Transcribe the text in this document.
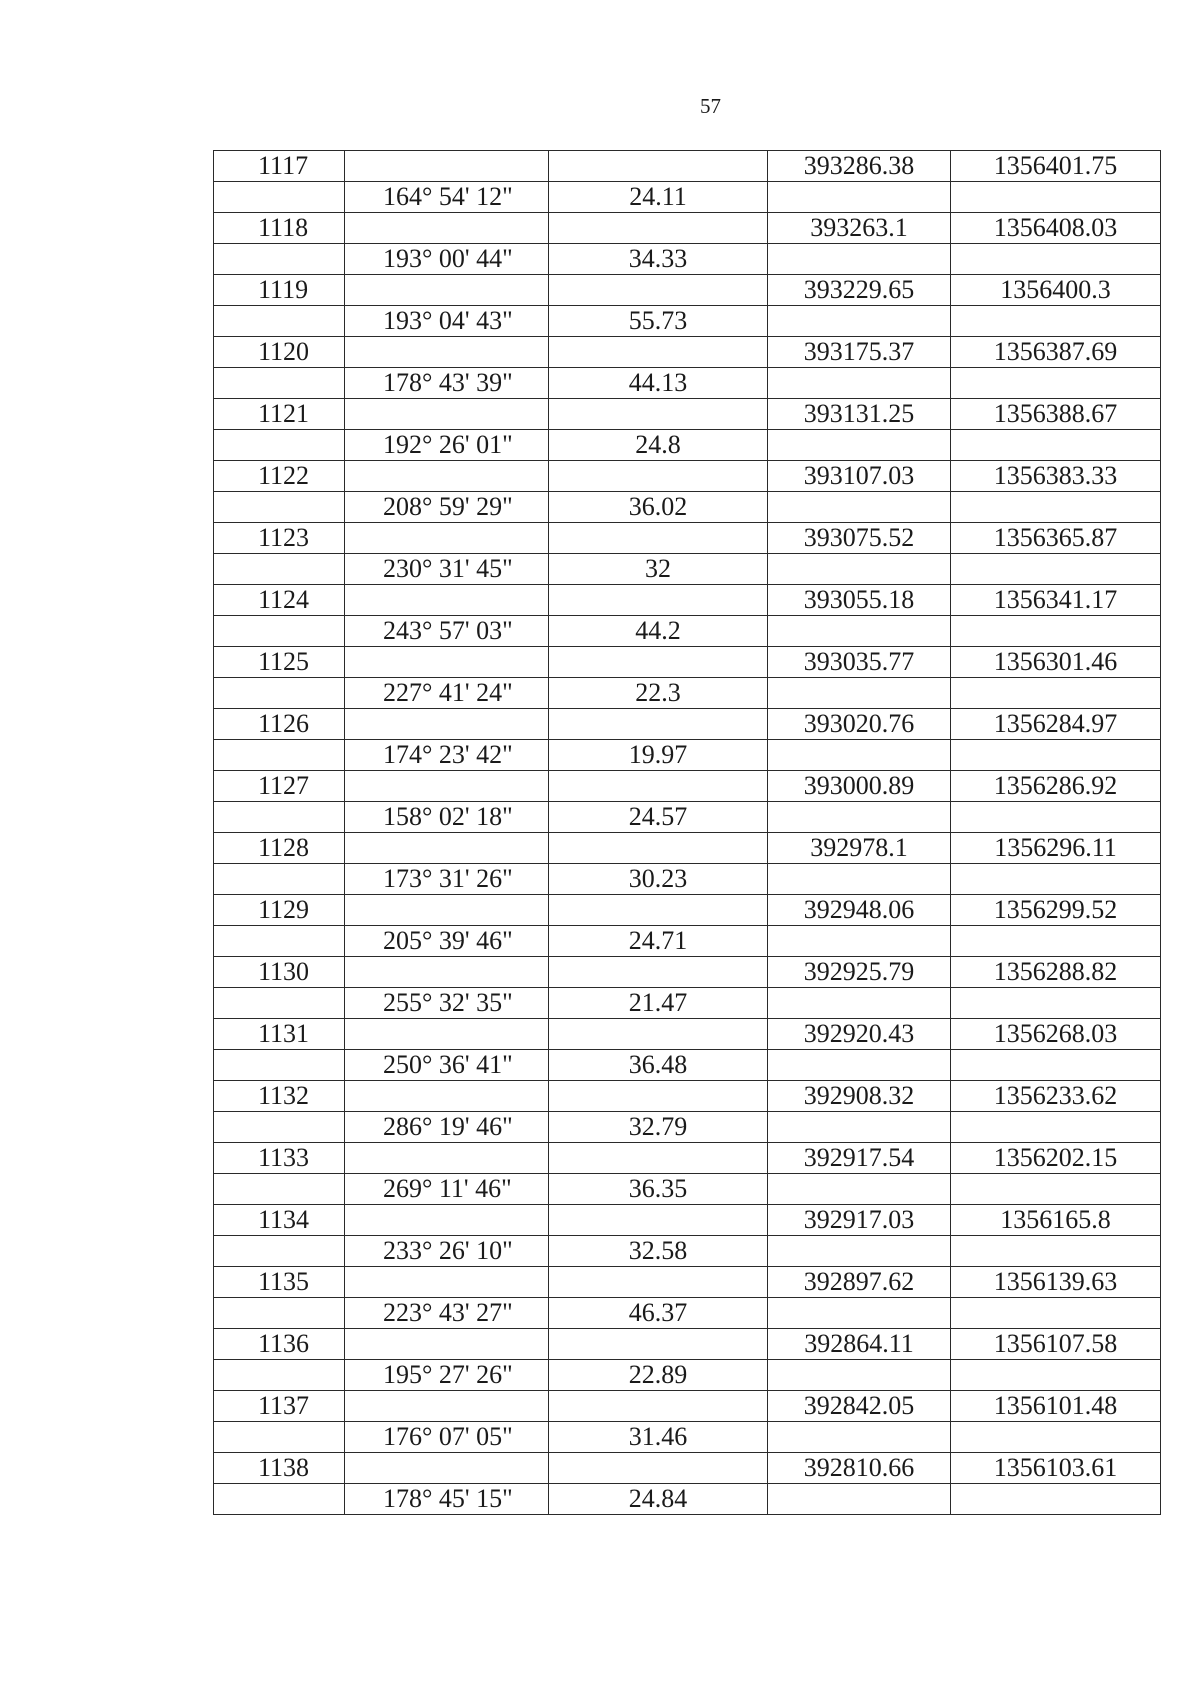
57
1117			393286.38	1356401.75
	164° 54' 12"	24.11		
1118			393263.1	1356408.03
	193° 00' 44"	34.33		
1119			393229.65	1356400.3
	193° 04' 43"	55.73		
1120			393175.37	1356387.69
	178° 43' 39"	44.13		
1121			393131.25	1356388.67
	192° 26' 01"	24.8		
1122			393107.03	1356383.33
	208° 59' 29"	36.02		
1123			393075.52	1356365.87
	230° 31' 45"	32		
1124			393055.18	1356341.17
	243° 57' 03"	44.2		
1125			393035.77	1356301.46
	227° 41' 24"	22.3		
1126			393020.76	1356284.97
	174° 23' 42"	19.97		
1127			393000.89	1356286.92
	158° 02' 18"	24.57		
1128			392978.1	1356296.11
	173° 31' 26"	30.23		
1129			392948.06	1356299.52
	205° 39' 46"	24.71		
1130			392925.79	1356288.82
	255° 32' 35"	21.47		
1131			392920.43	1356268.03
	250° 36' 41"	36.48		
1132			392908.32	1356233.62
	286° 19' 46"	32.79		
1133			392917.54	1356202.15
	269° 11' 46"	36.35		
1134			392917.03	1356165.8
	233° 26' 10"	32.58		
1135			392897.62	1356139.63
	223° 43' 27"	46.37		
1136			392864.11	1356107.58
	195° 27' 26"	22.89		
1137			392842.05	1356101.48
	176° 07' 05"	31.46		
1138			392810.66	1356103.61
	178° 45' 15"	24.84		
